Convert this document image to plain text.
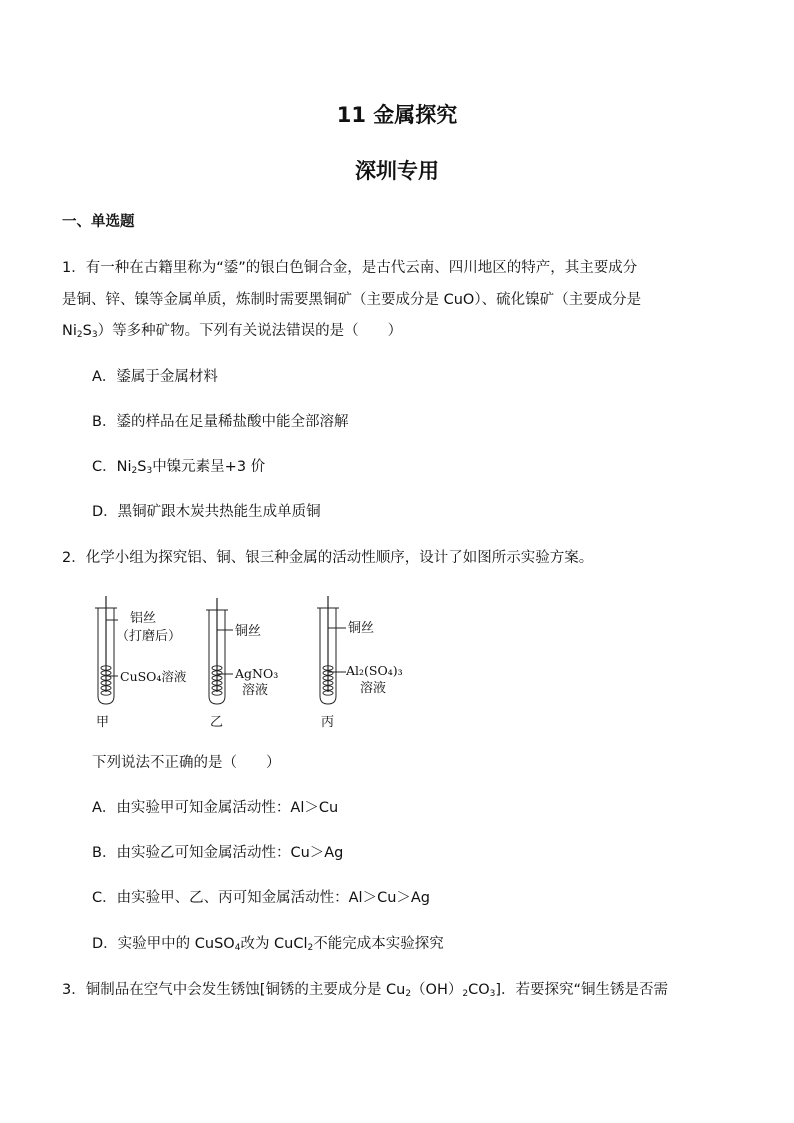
11 金属探究
深圳专用
一、单选题
1．有一种在古籍里称为“鋈”的银白色铜合金，是古代云南、四川地区的特产，其主要成分
是铜、锌、镍等金属单质，炼制时需要黑铜矿（主要成分是 CuO）、硫化镍矿（主要成分是
$Ni_2S_3$）等多种矿物。下列有关说法错误的是（　　）
A．鋈属于金属材料
B．鋈的样品在足量稀盐酸中能全部溶解
C．$Ni_2S_3$中镍元素呈+3 价
D．黑铜矿跟木炭共热能生成单质铜
2．化学小组为探究铝、铜、银三种金属的活动性顺序，设计了如图所示实验方案。
铝丝
（打磨后）
CuSO₄溶液
甲
铜丝
AgNO₃
溶液
乙
铜丝
Al₂(SO₄)₃
溶液
丙
下列说法不正确的是（　　）
A．由实验甲可知金属活动性：Al＞Cu
B．由实验乙可知金属活动性：Cu＞Ag
C．由实验甲、乙、丙可知金属活动性：Al＞Cu＞Ag
D．实验甲中的 CuSO$_4$改为 CuCl$_2$不能完成本实验探究
3．铜制品在空气中会发生锈蚀[铜锈的主要成分是 $Cu_2(OH)_2CO_3$]．若要探究“铜生锈是否需
